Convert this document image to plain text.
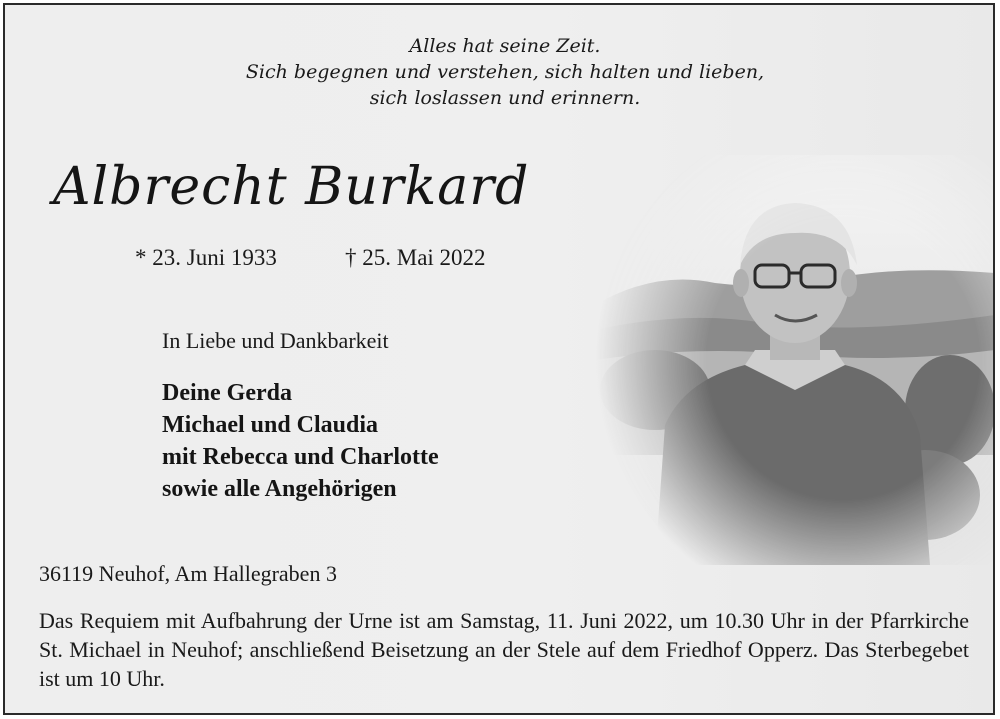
Alles hat seine Zeit.
Sich begegnen und verstehen, sich halten und lieben,
sich loslassen und erinnern.
Albrecht Burkard
* 23. Juni 1933	† 25. Mai 2022
In Liebe und Dankbarkeit
Deine Gerda
Michael und Claudia
mit Rebecca und Charlotte
sowie alle Angehörigen
36119 Neuhof, Am Hallegraben 3
Das Requiem mit Aufbahrung der Urne ist am Samstag, 11. Juni 2022, um 10.30 Uhr in der Pfarrkirche St. Michael in Neuhof; anschließend Beisetzung an der Stele auf dem Friedhof Opperz. Das Sterbegebet ist um 10 Uhr.
